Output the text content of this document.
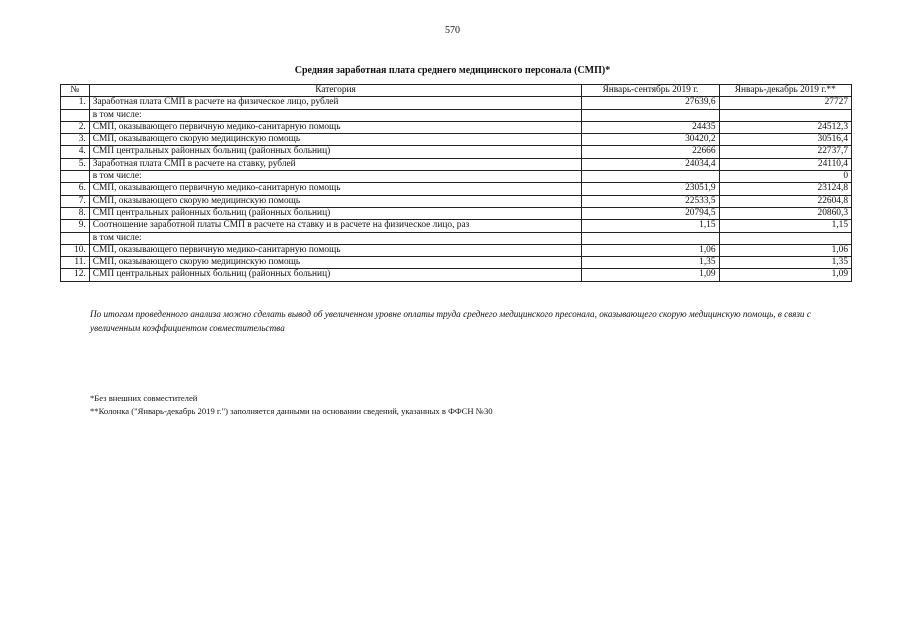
570
Средняя заработная плата среднего медицинского персонала (СМП)*
№	Категория	Январь-сентябрь 2019 г.	Январь-декабрь 2019 г.**
1.	Заработная плата СМП в расчете на физическое лицо, рублей	27639,6	27727
	в том числе:		
2.	СМП, оказывающего первичную медико-санитарную помощь	24435	24512,3
3.	СМП, оказывающего скорую медицинскую помощь	30420,2	30516,4
4.	СМП центральных районных больниц (районных больниц)	22666	22737,7
5.	Заработная плата СМП в расчете на ставку, рублей	24034,4	24110,4
	в том числе:		0
6.	СМП, оказывающего первичную медико-санитарную помощь	23051,9	23124,8
7.	СМП, оказывающего скорую медицинскую помощь	22533,5	22604,8
8.	СМП центральных районных больниц (районных больниц)	20794,5	20860,3
9.	Соотношение заработной платы СМП в расчете на ставку и в расчете на физическое лицо, раз	1,15	1,15
	в том числе:		
10.	СМП, оказывающего первичную медико-санитарную помощь	1,06	1,06
11.	СМП, оказывающего скорую медицинскую помощь	1,35	1,35
12.	СМП центральных районных больниц (районных больниц)	1,09	1,09
По итогам проведенного анализа можно сделать вывод об увеличенном уровне оплаты труда среднего медицинского пресонала, оказывающего скорую медицинскую помощь, в связи с увеличенным коэффициентом совместительства
*Без внешних совместителей
**Колонка ("Январь-декабрь 2019 г.") заполняется данными на основании сведений, указанных в ФФСН №30
